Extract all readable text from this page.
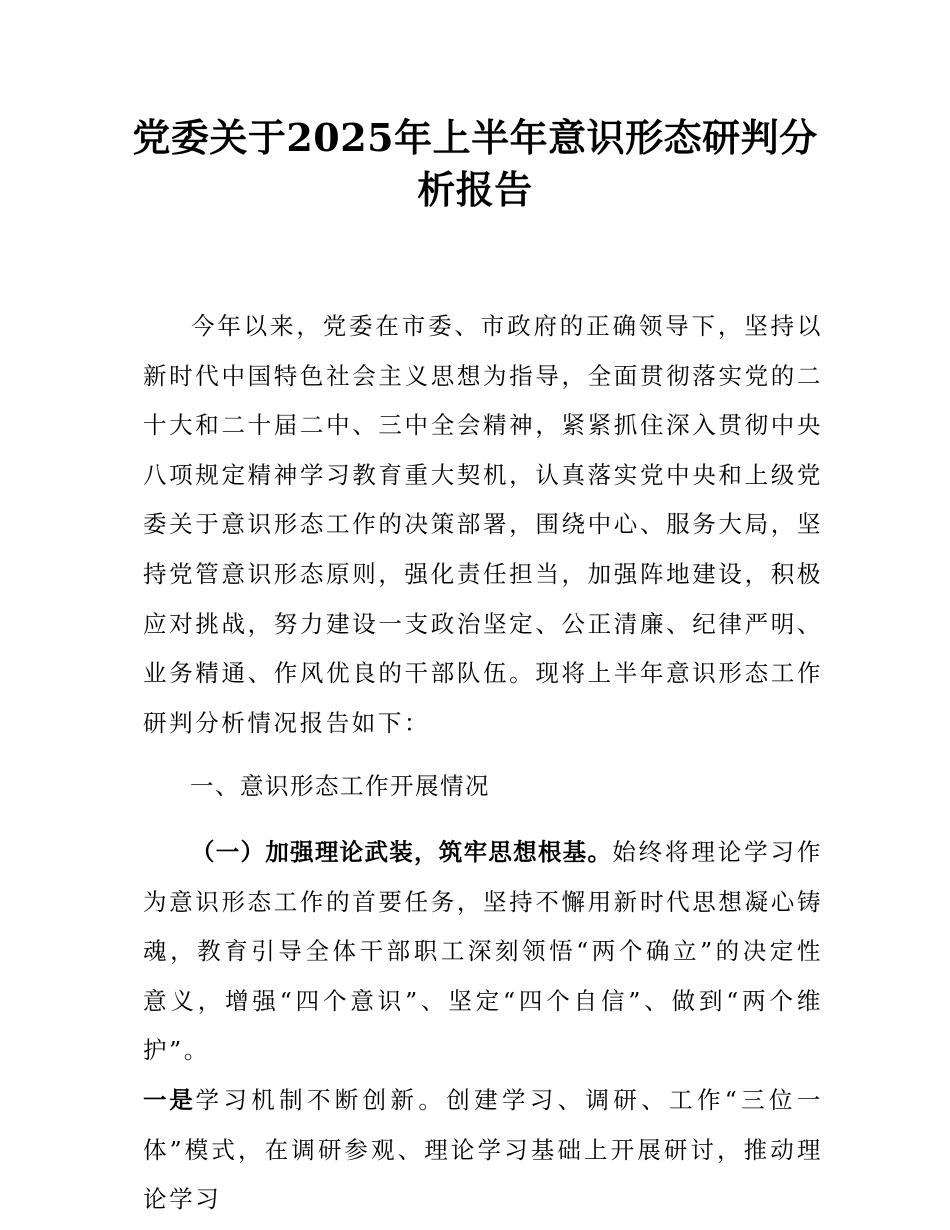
党委关于2025年上半年意识形态研判分析报告
今年以来，党委在市委、市政府的正确领导下，坚持以新时代中国特色社会主义思想为指导，全面贯彻落实党的二十大和二十届二中、三中全会精神，紧紧抓住深入贯彻中央八项规定精神学习教育重大契机，认真落实党中央和上级党委关于意识形态工作的决策部署，围绕中心、服务大局，坚持党管意识形态原则，强化责任担当，加强阵地建设，积极应对挑战，努力建设一支政治坚定、公正清廉、纪律严明、业务精通、作风优良的干部队伍。现将上半年意识形态工作研判分析情况报告如下：
一、意识形态工作开展情况
（一）加强理论武装，筑牢思想根基。始终将理论学习作为意识形态工作的首要任务，坚持不懈用新时代思想凝心铸魂，教育引导全体干部职工深刻领悟“两个确立”的决定性意义，增强“四个意识”、坚定“四个自信”、做到“两个维护”。
一是学习机制不断创新。创建学习、调研、工作“三位一体”模式，在调研参观、理论学习基础上开展研讨，推动理论学习
